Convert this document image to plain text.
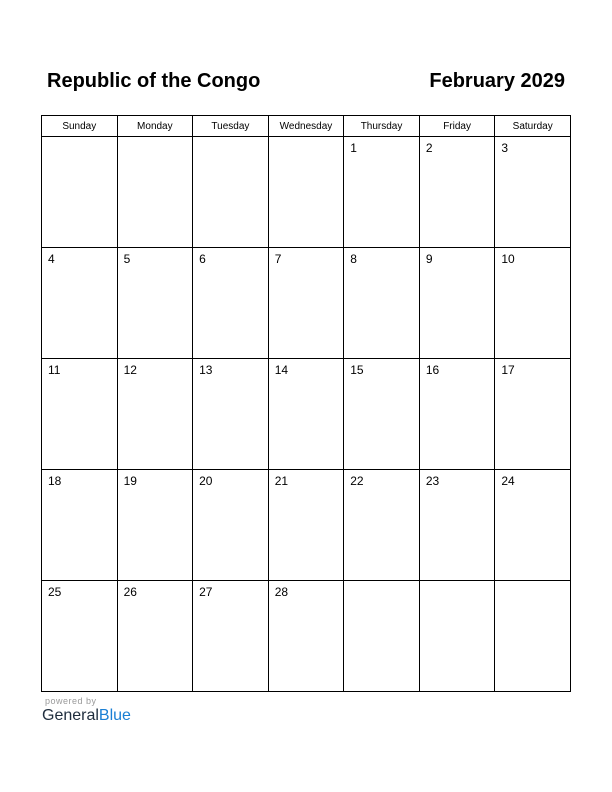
Republic of the Congo	February 2029
Sunday	Monday	Tuesday	Wednesday	Thursday	Friday	Saturday

				1	2	3

4	5	6	7	8	9	10

11	12	13	14	15	16	17

18	19	20	21	22	23	24

25	26	27	28			

powered by
GeneralBlue
